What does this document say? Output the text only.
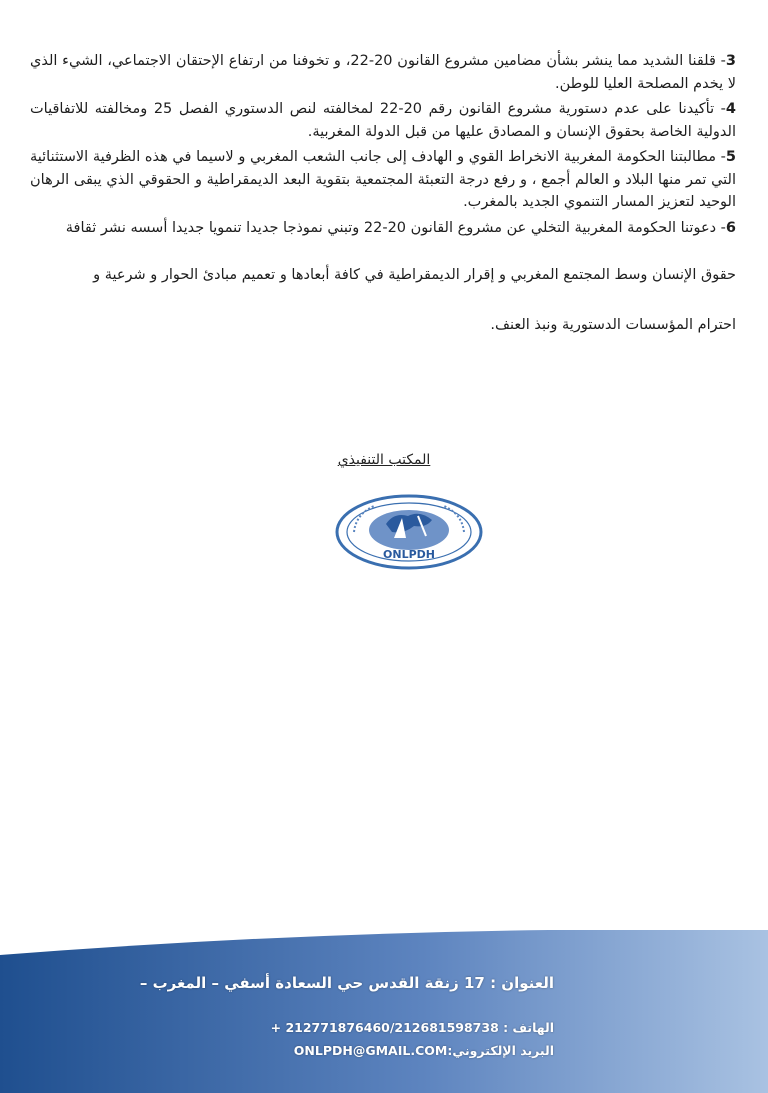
3- قلقنا الشديد مما ينشر بشأن مضامين مشروع القانون 20-22، و تخوفنا من ارتفاع الإحتقان الاجتماعي، الشيء الذي لا يخدم المصلحة العليا للوطن.

4- تأكيدنا على عدم دستورية مشروع القانون رقم 20-22 لمخالفته لنص الدستوري الفصل 25 ومخالفته للاتفاقيات الدولية الخاصة بحقوق الإنسان و المصادق عليها من قبل الدولة المغربية.

5- مطالبتنا الحكومة المغربية الانخراط القوي و الهادف إلى جانب الشعب المغربي و لاسيما في هذه الظرفية الاستثنائية التي تمر منها البلاد و العالم أجمع ، و رفع درجة التعبئة المجتمعية بتقوية البعد الديمقراطية و الحقوقي الذي يبقى الرهان الوحيد لتعزيز المسار التنموي الجديد بالمغرب.

6- دعوتنا الحكومة المغربية التخلي عن مشروع القانون 20-22 وتبني نموذجا جديدا تنمويا جديدا أسسه نشر ثقافة

حقوق الإنسان وسط المجتمع المغربي و إقرار الديمقراطية في كافة أبعادها و تعميم مبادئ الحوار و شرعية و

احترام المؤسسات الدستورية ونبذ العنف.

المكتب التنفيذي
ONLPDH
العنوان : 17 زنقة القدس حي السعادة أسفي – المغرب –
الهاتف : + 212771876460/212681598738
البريد الإلكتروني:ONLPDH@GMAIL.COM
